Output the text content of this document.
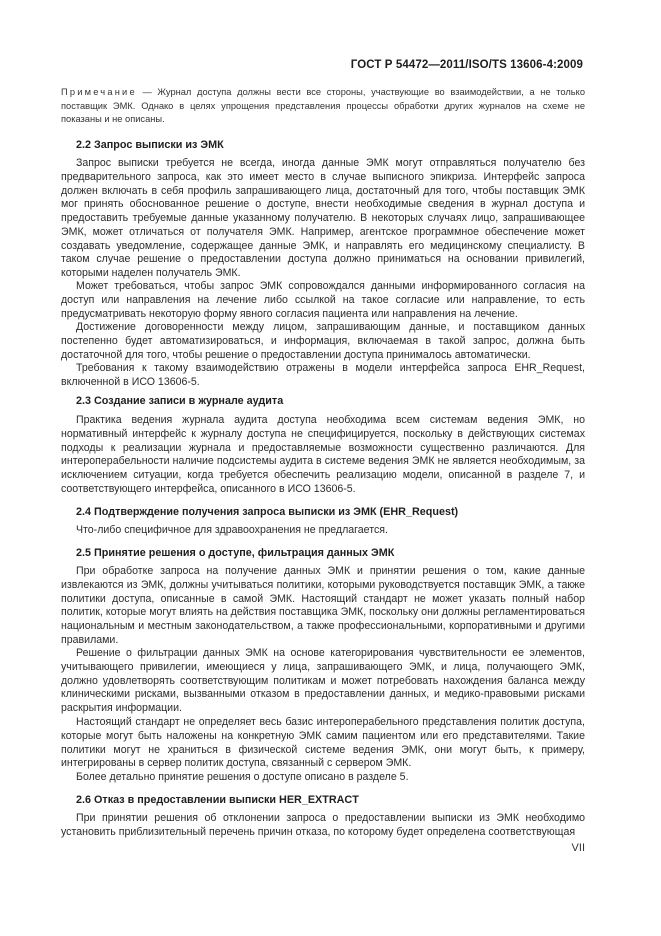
ГОСТ Р 54472—2011/ISO/TS 13606-4:2009
Примечание — Журнал доступа должны вести все стороны, участвующие во взаимодействии, а не только поставщик ЭМК. Однако в целях упрощения представления процессы обработки других журналов на схеме не показаны и не описаны.
2.2 Запрос выписки из ЭМК
Запрос выписки требуется не всегда, иногда данные ЭМК могут отправляться получателю без предварительного запроса, как это имеет место в случае выписного эпикриза. Интерфейс запроса должен включать в себя профиль запрашивающего лица, достаточный для того, чтобы поставщик ЭМК мог принять обоснованное решение о доступе, внести необходимые сведения в журнал доступа и предоставить требуемые данные указанному получателю. В некоторых случаях лицо, запрашивающее ЭМК, может отличаться от получателя ЭМК. Например, агентское программное обеспечение может создавать уведомление, содержащее данные ЭМК, и направлять его медицинскому специалисту. В таком случае решение о предоставлении доступа должно приниматься на основании привилегий, которыми наделен получатель ЭМК.
Может требоваться, чтобы запрос ЭМК сопровождался данными информированного согласия на доступ или направления на лечение либо ссылкой на такое согласие или направление, то есть предусматривать некоторую форму явного согласия пациента или направления на лечение.
Достижение договоренности между лицом, запрашивающим данные, и поставщиком данных постепенно будет автоматизироваться, и информация, включаемая в такой запрос, должна быть достаточной для того, чтобы решение о предоставлении доступа принималось автоматически.
Требования к такому взаимодействию отражены в модели интерфейса запроса EHR_Request, включенной в ИСО 13606-5.
2.3 Создание записи в журнале аудита
Практика ведения журнала аудита доступа необходима всем системам ведения ЭМК, но нормативный интерфейс к журналу доступа не специфицируется, поскольку в действующих системах подходы к реализации журнала и предоставляемые возможности существенно различаются. Для интероперабельности наличие подсистемы аудита в системе ведения ЭМК не является необходимым, за исключением ситуации, когда требуется обеспечить реализацию модели, описанной в разделе 7, и соответствующего интерфейса, описанного в ИСО 13606-5.
2.4 Подтверждение получения запроса выписки из ЭМК (EHR_Request)
Что-либо специфичное для здравоохранения не предлагается.
2.5 Принятие решения о доступе, фильтрация данных ЭМК
При обработке запроса на получение данных ЭМК и принятии решения о том, какие данные извлекаются из ЭМК, должны учитываться политики, которыми руководствуется поставщик ЭМК, а также политики доступа, описанные в самой ЭМК. Настоящий стандарт не может указать полный набор политик, которые могут влиять на действия поставщика ЭМК, поскольку они должны регламентироваться национальным и местным законодательством, а также профессиональными, корпоративными и другими правилами.
Решение о фильтрации данных ЭМК на основе категорирования чувствительности ее элементов, учитывающего привилегии, имеющиеся у лица, запрашивающего ЭМК, и лица, получающего ЭМК, должно удовлетворять соответствующим политикам и может потребовать нахождения баланса между клиническими рисками, вызванными отказом в предоставлении данных, и медико-правовыми рисками раскрытия информации.
Настоящий стандарт не определяет весь базис интероперабельного представления политик доступа, которые могут быть наложены на конкретную ЭМК самим пациентом или его представителями. Такие политики могут не храниться в физической системе ведения ЭМК, они могут быть, к примеру, интегрированы в сервер политик доступа, связанный с сервером ЭМК.
Более детально принятие решения о доступе описано в разделе 5.
2.6 Отказ в предоставлении выписки HER_EXTRACT
При принятии решения об отклонении запроса о предоставлении выписки из ЭМК необходимо установить приблизительный перечень причин отказа, по которому будет определена соответствующая
VII
